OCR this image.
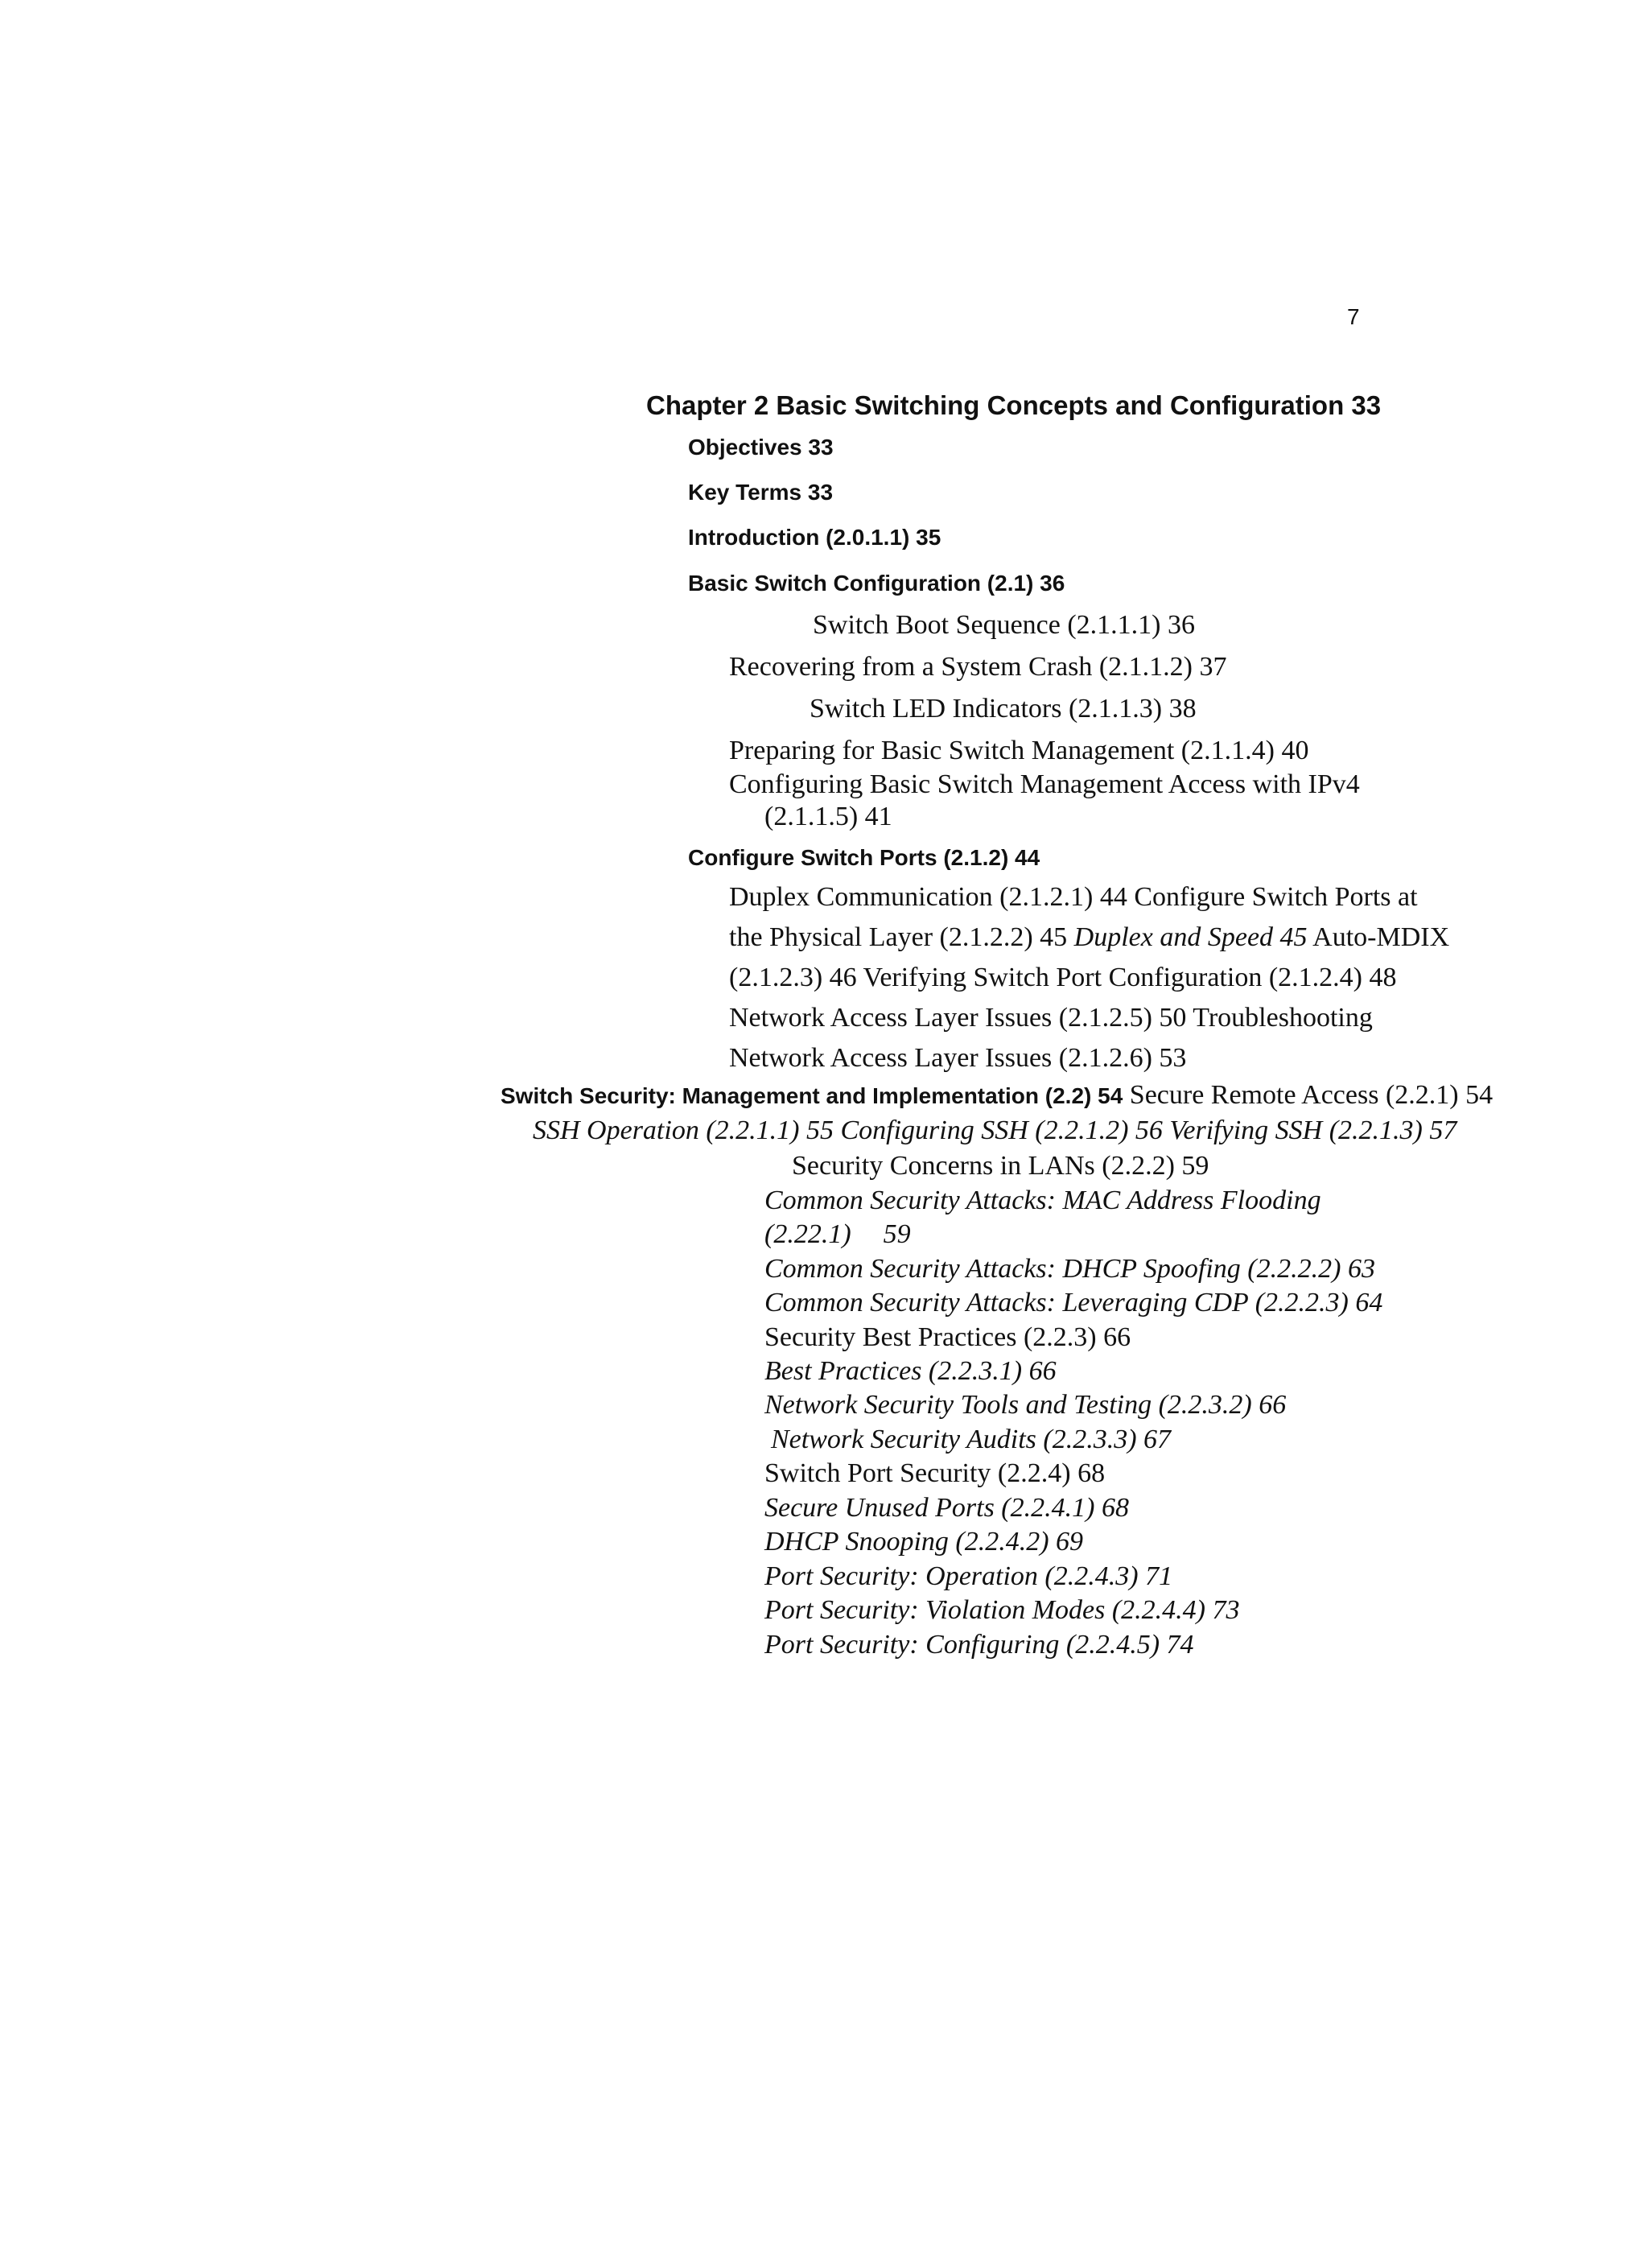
7
Chapter 2 Basic Switching Concepts and Configuration 33
Objectives 33
Key Terms 33
Introduction (2.0.1.1) 35
Basic Switch Configuration (2.1) 36
Switch Boot Sequence (2.1.1.1) 36
Recovering from a System Crash (2.1.1.2) 37
Switch LED Indicators (2.1.1.3) 38
Preparing for Basic Switch Management (2.1.1.4) 40
Configuring Basic Switch Management Access with IPv4
(2.1.1.5) 41
Configure Switch Ports (2.1.2) 44
Duplex Communication (2.1.2.1) 44 Configure Switch Ports at
the Physical Layer (2.1.2.2) 45 Duplex and Speed 45 Auto-MDIX
(2.1.2.3) 46 Verifying Switch Port Configuration (2.1.2.4) 48
Network Access Layer Issues (2.1.2.5) 50 Troubleshooting
Network Access Layer Issues (2.1.2.6) 53
Switch Security: Management and Implementation (2.2) 54 Secure Remote Access (2.2.1) 54
SSH Operation (2.2.1.1) 55 Configuring SSH (2.2.1.2) 56 Verifying SSH (2.2.1.3) 57
Security Concerns in LANs (2.2.2) 59
Common Security Attacks: MAC Address Flooding
(2.22.1) 59
Common Security Attacks: DHCP Spoofing (2.2.2.2) 63
Common Security Attacks: Leveraging CDP (2.2.2.3) 64
Security Best Practices (2.2.3) 66
Best Practices (2.2.3.1) 66
Network Security Tools and Testing (2.2.3.2) 66
Network Security Audits (2.2.3.3) 67
Switch Port Security (2.2.4) 68
Secure Unused Ports (2.2.4.1) 68
DHCP Snooping (2.2.4.2) 69
Port Security: Operation (2.2.4.3) 71
Port Security: Violation Modes (2.2.4.4) 73
Port Security: Configuring (2.2.4.5) 74
